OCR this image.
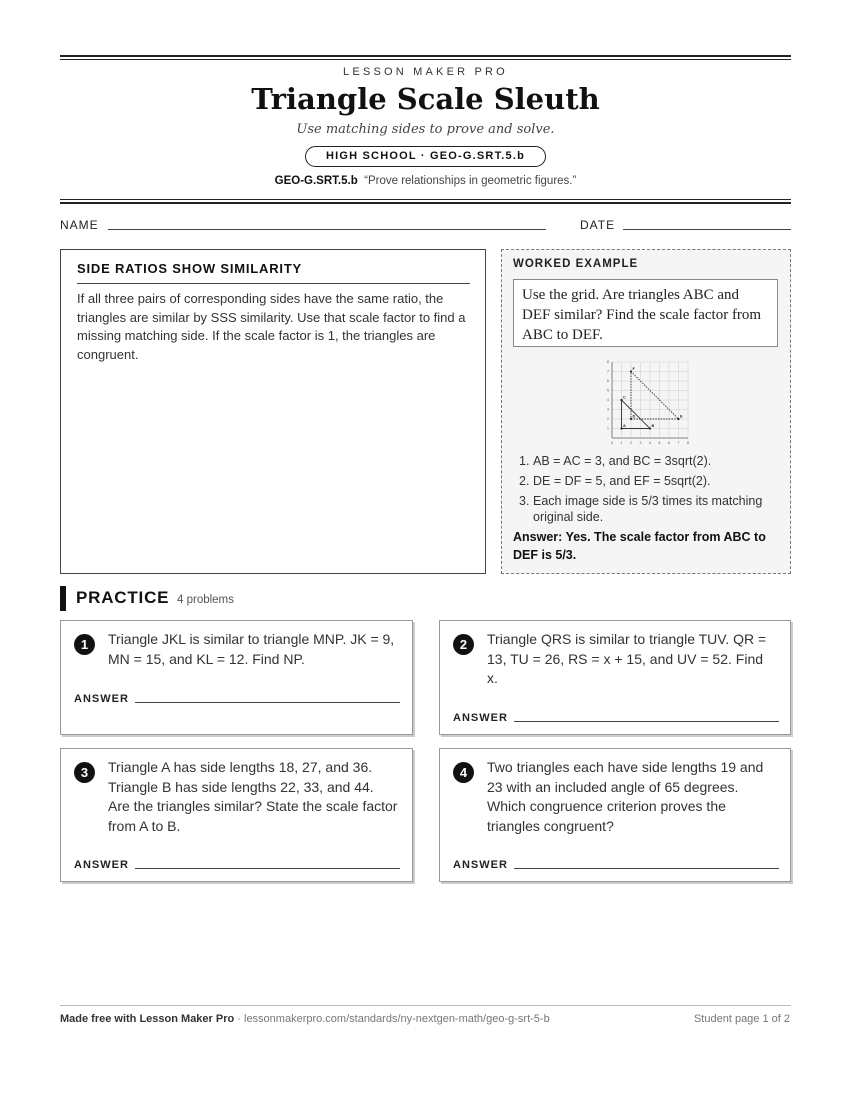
LESSON MAKER PRO
Triangle Scale Sleuth
Use matching sides to prove and solve.
HIGH SCHOOL · GEO-G.SRT.5.b
GEO-G.SRT.5.b “Prove relationships in geometric figures.”
NAME	DATE
SIDE RATIOS SHOW SIMILARITY
If all three pairs of corresponding sides have the same ratio, the triangles are similar by SSS similarity. Use that scale factor to find a missing matching side. If the scale factor is 1, the triangles are congruent.
WORKED EXAMPLE
Use the grid. Are triangles ABC and DEF similar? Find the scale factor from ABC to DEF.
0 1 2 3 4 5 6 7 8
1
2
3
4
5
6
7
8
A	B
C
D	E
F
1. AB = AC = 3, and BC = 3sqrt(2).
2. DE = DF = 5, and EF = 5sqrt(2).
3. Each image side is 5/3 times its matching original side.
Answer: Yes. The scale factor from ABC to DEF is 5/3.
PRACTICE 4 problems
1	Triangle JKL is similar to triangle MNP. JK = 9, MN = 15, and KL = 12. Find NP.
ANSWER
2	Triangle QRS is similar to triangle TUV. QR = 13, TU = 26, RS = x + 15, and UV = 52. Find x.
ANSWER
3	Triangle A has side lengths 18, 27, and 36. Triangle B has side lengths 22, 33, and 44. Are the triangles similar? State the scale factor from A to B.
ANSWER
4	Two triangles each have side lengths 19 and 23 with an included angle of 65 degrees. Which congruence criterion proves the triangles congruent?
ANSWER
Made free with Lesson Maker Pro · lessonmakerpro.com/standards/ny-nextgen-math/geo-g-srt-5-b	Student page 1 of 2
